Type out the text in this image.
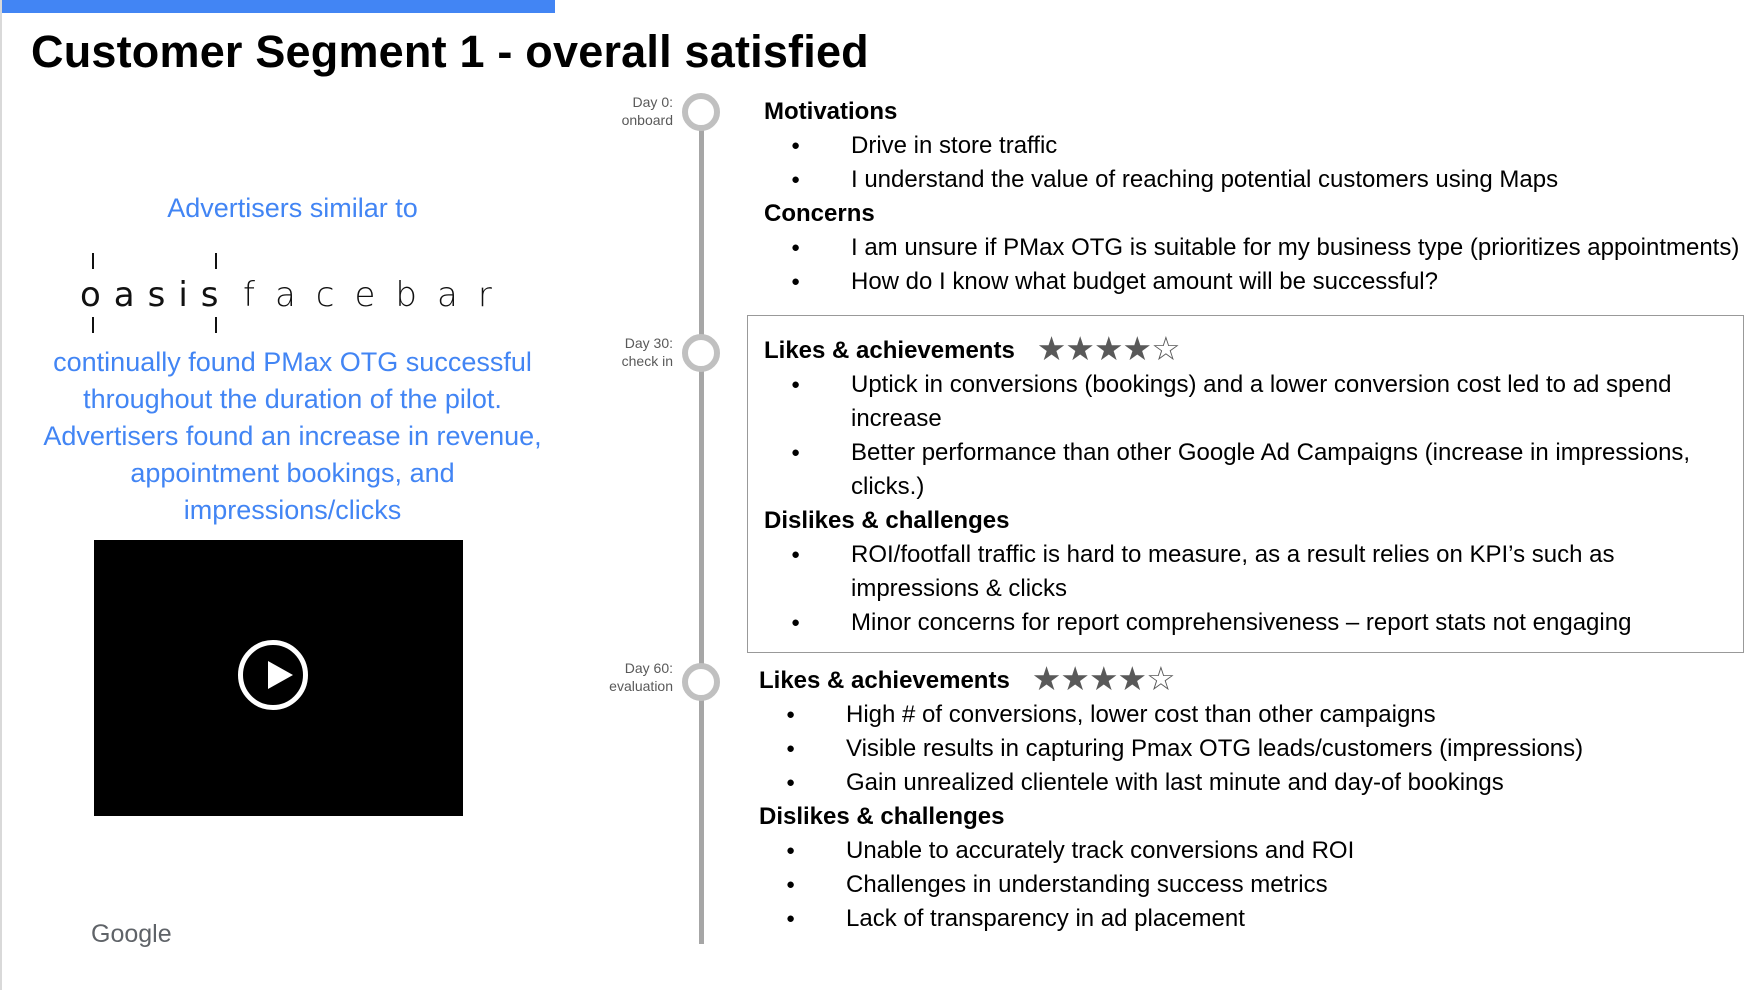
Customer Segment 1 - overall satisfied
Advertisers similar to
oasis facebar
continually found PMax OTG successful throughout the duration of the pilot. Advertisers found an increase in revenue, appointment bookings, and impressions/clicks
Google
Day 0:
onboard
Day 30:
check in
Day 60:
evaluation
Motivations
● Drive in store traffic
● I understand the value of reaching potential customers using Maps
Concerns
● I am unsure if PMax OTG is suitable for my business type (prioritizes appointments)
● How do I know what budget amount will be successful?
Likes & achievements ★★★★☆
● Uptick in conversions (bookings) and a lower conversion cost led to ad spend increase
● Better performance than other Google Ad Campaigns (increase in impressions, clicks.)
Dislikes & challenges
● ROI/footfall traffic is hard to measure, as a result relies on KPI’s such as impressions & clicks
● Minor concerns for report comprehensiveness – report stats not engaging
Likes & achievements ★★★★☆
● High # of conversions, lower cost than other campaigns
● Visible results in capturing Pmax OTG leads/customers (impressions)
● Gain unrealized clientele with last minute and day-of bookings
Dislikes & challenges
● Unable to accurately track conversions and ROI
● Challenges in understanding success metrics
● Lack of transparency in ad placement
